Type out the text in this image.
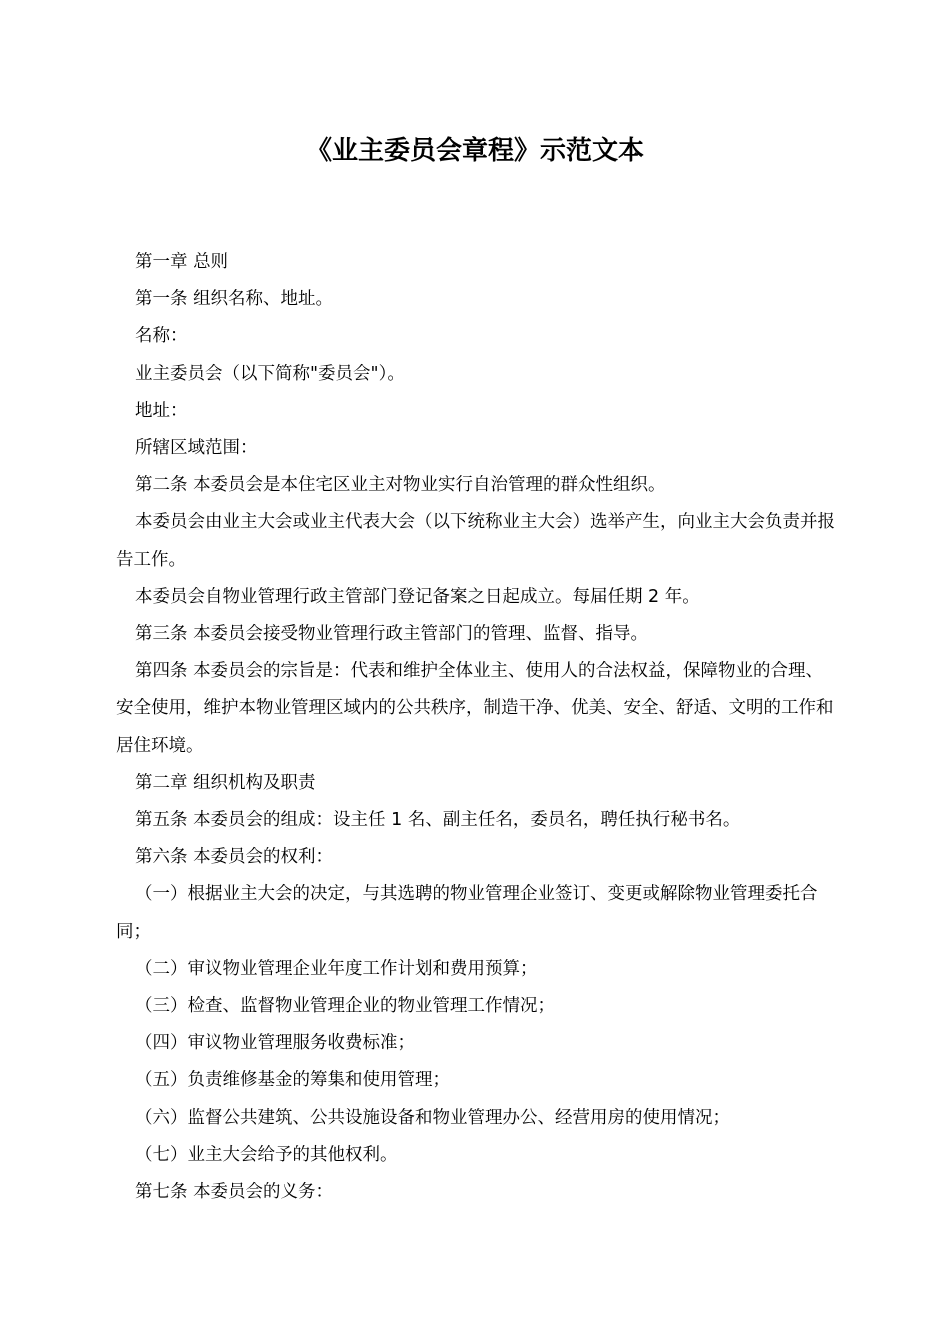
《业主委员会章程》示范文本

第一章 总则

第一条 组织名称、地址。

名称：

业主委员会（以下简称"委员会"）。

地址：

所辖区域范围：

第二条 本委员会是本住宅区业主对物业实行自治管理的群众性组织。

本委员会由业主大会或业主代表大会（以下统称业主大会）选举产生，向业主大会负责并报告工作。

本委员会自物业管理行政主管部门登记备案之日起成立。每届任期 2 年。

第三条 本委员会接受物业管理行政主管部门的管理、监督、指导。

第四条 本委员会的宗旨是：代表和维护全体业主、使用人的合法权益，保障物业的合理、安全使用，维护本物业管理区域内的公共秩序，制造干净、优美、安全、舒适、文明的工作和居住环境。

第二章 组织机构及职责

第五条 本委员会的组成：设主任 1 名、副主任名，委员名，聘任执行秘书名。

第六条 本委员会的权利：

（一）根据业主大会的决定，与其选聘的物业管理企业签订、变更或解除物业管理委托合同；

（二）审议物业管理企业年度工作计划和费用预算；

（三）检查、监督物业管理企业的物业管理工作情况；

（四）审议物业管理服务收费标准；

（五）负责维修基金的筹集和使用管理；

（六）监督公共建筑、公共设施设备和物业管理办公、经营用房的使用情况；

（七）业主大会给予的其他权利。

第七条 本委员会的义务：
